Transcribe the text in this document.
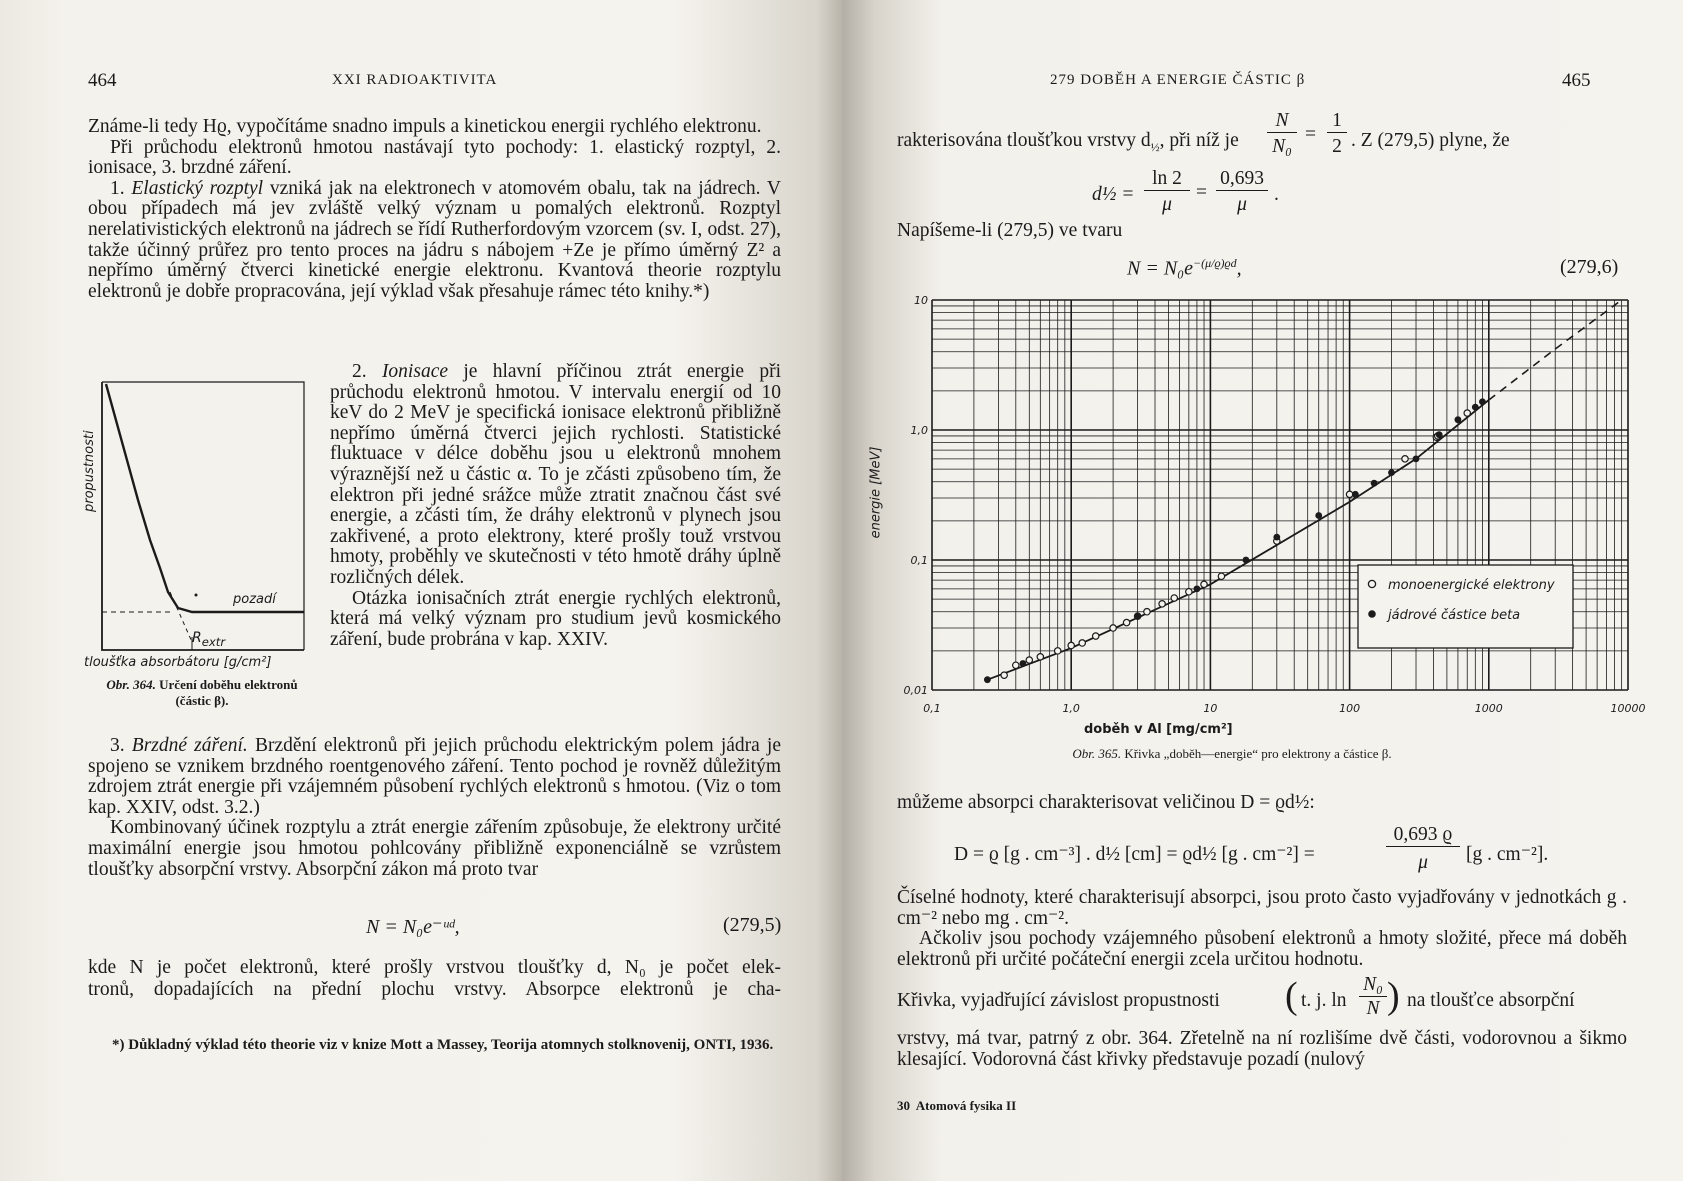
464	XXI RADIOAKTIVITA

Známe-li tedy Hϱ, vypočítáme snadno impuls a kinetickou energii rychlého elektronu.

Při průchodu elektronů hmotou nastávají tyto pochody: 1. elastický rozptyl, 2. ionisace, 3. brzdné záření.

1. Elastický rozptyl vzniká jak na elektronech v atomovém obalu, tak na jádrech. V obou případech má jev zvláště velký význam u pomalých elektronů. Rozptyl nerelativistických elektronů na jádrech se řídí Rutherfordovým vzorcem (sv. I, odst. 27), takže účinný průřez pro tento proces na jádru s nábojem +Ze je přímo úměrný Z² a nepřímo úměrný čtverci kinetické energie elektronu. Kvantová theorie rozptylu elektronů je dobře propracována, její výklad však přesahuje rámec této knihy.*)

propustnosti
pozadí
$R_{extr}$
tloušťka absorbátoru [g/cm²]
Obr. 364. Určení doběhu elektronů (částic β).

2. Ionisace je hlavní příčinou ztrát energie při průchodu elektronů hmotou. V intervalu energií od 10 keV do 2 MeV je specifická ionisace elektronů přibližně nepřímo úměrná čtverci jejich rychlosti. Statistické fluktuace v délce doběhu jsou u elektronů mnohem výraznější než u částic α. To je zčásti způsobeno tím, že elektron při jedné srážce může ztratit značnou část své energie, a zčásti tím, že dráhy elektronů v plynech jsou zakřivené, a proto elektrony, které prošly touž vrstvou hmoty, proběhly ve skutečnosti v této hmotě dráhy úplně rozličných délek.

Otázka ionisačních ztrát energie rychlých elektronů, která má velký význam pro studium jevů kosmického záření, bude probrána v kap. XXIV.

3. Brzdné záření. Brzdění elektronů při jejich průchodu elektrickým polem jádra je spojeno se vznikem brzdného roentgenového záření. Tento pochod je rovněž důležitým zdrojem ztrát energie při vzájemném působení rychlých elektronů s hmotou. (Viz o tom kap. XXIV, odst. 3.2.)

Kombinovaný účinek rozptylu a ztrát energie zářením způsobuje, že elektrony určité maximální energie jsou hmotou pohlcovány přibližně exponenciálně se vzrůstem tloušťky absorpční vrstvy. Absorpční zákon má proto tvar

N = N₀e⁻ᵘᵈ,	(279,5)
kde N je počet elektronů, které prošly vrstvou tloušťky d, N₀ je počet elek-
tronů, dopadajících na přední plochu vrstvy. Absorpce elektronů je cha-
*) Důkladný výklad této theorie viz v knize Mott a Massey, Teorija atomnych stolknovenij, ONTI, 1936.
279 DOBĚH A ENERGIE ČÁSTIC β	465
rakterisována tloušťkou vrstvy $d_{\frac{1}{2}}$, při níž je
N
N₀
=
1
2 . Z (279,5) plyne, že
d½ =
ln 2
μ
=
0,693
μ	.
Napíšeme-li (279,5) ve tvaru
$N = N_0e^{-(\mu/ϱ)ϱd}$,	(279,6)
0,1	1,0	10	100	1000	10000
0,01
0,1
1,0
10
monoenergické elektrony
jádrové částice beta
doběh v Al [mg/cm²]
energie [MeV]
Obr. 365. Křivka „doběh—energie“ pro elektrony a částice β.
můžeme absorpci charakterisovat veličinou D = ϱd½:
D = ϱ [g . cm⁻³] . d½ [cm] = ϱd½ [g . cm⁻²] =
0,693 ϱ
μ	[g . cm⁻²].

Číselné hodnoty, které charakterisují absorpci, jsou proto často vyjadřovány v jednotkách g . cm⁻² nebo mg . cm⁻².

Ačkoliv jsou pochody vzájemného působení elektronů a hmoty složité, přece má doběh elektronů při určité počáteční energii zcela určitou hodnotu.

Křivka, vyjadřující závislost propustnosti ( t. j. ln
N₀
N ) na tloušťce absorpční

vrstvy, má tvar, patrný z obr. 364. Zřetelně na ní rozlišíme dvě části, vodorovnou a šikmo klesající. Vodorovná část křivky představuje pozadí (nulový

30  Atomová fysika II
